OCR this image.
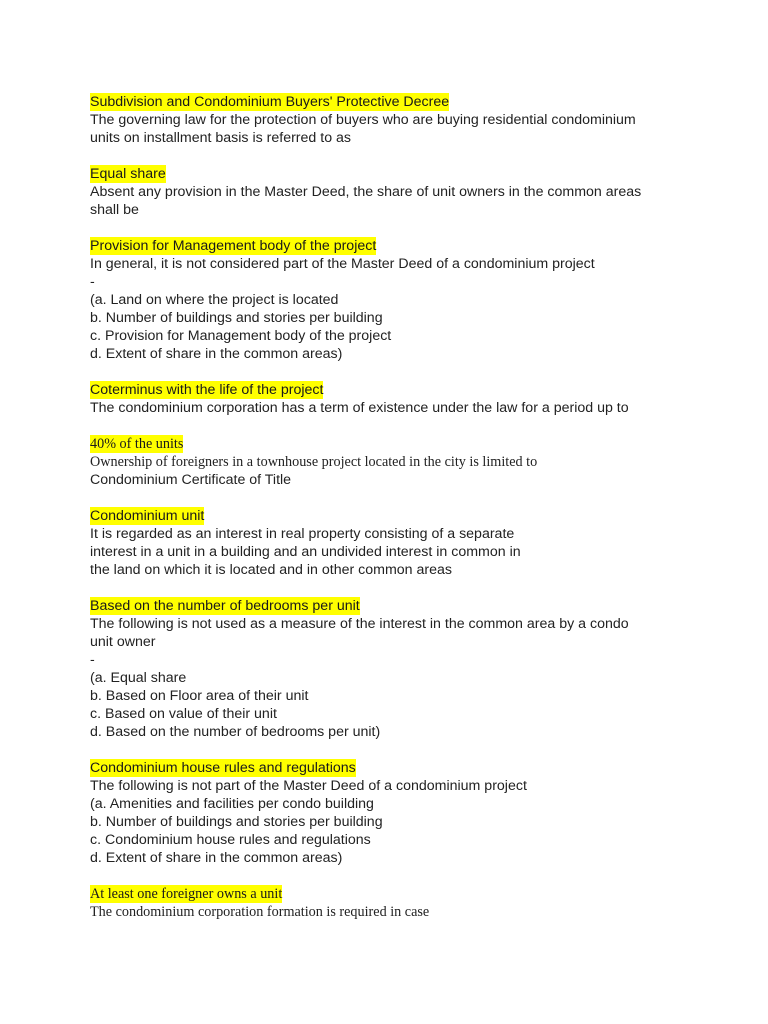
Subdivision and Condominium Buyers' Protective Decree
The governing law for the protection of buyers who are buying residential condominium
units on installment basis is referred to as
Equal share
Absent any provision in the Master Deed, the share of unit owners in the common areas
shall be
Provision for Management body of the project
In general, it is not considered part of the Master Deed of a condominium project
-
(a. Land on where the project is located
b. Number of buildings and stories per building
c. Provision for Management body of the project
d. Extent of share in the common areas)
Coterminus with the life of the project
The condominium corporation has a term of existence under the law for a period up to
40% of the units
Ownership of foreigners in a townhouse project located in the city is limited to
Condominium Certificate of Title
Condominium unit
It is regarded as an interest in real property consisting of a separate
interest in a unit in a building and an undivided interest in common in
the land on which it is located and in other common areas
Based on the number of bedrooms per unit
The following is not used as a measure of the interest in the common area by a condo
unit owner
-
(a. Equal share
b. Based on Floor area of their unit
c. Based on value of their unit
d. Based on the number of bedrooms per unit)
Condominium house rules and regulations
The following is not part of the Master Deed of a condominium project
(a. Amenities and facilities per condo building
b. Number of buildings and stories per building
c. Condominium house rules and regulations
d. Extent of share in the common areas)
At least one foreigner owns a unit
The condominium corporation formation is required in case
